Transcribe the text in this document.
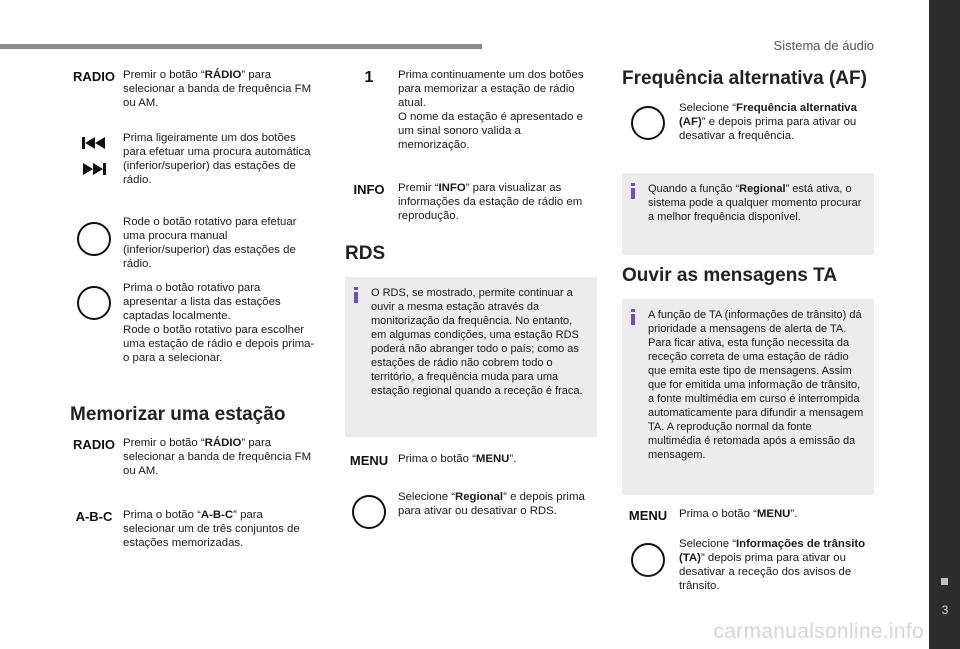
Sistema de áudio
3
carmanualsonline.info
RADIO Premir o botão “RÁDIO” para selecionar a banda de frequência FM ou AM.
Prima ligeiramente um dos botões para efetuar uma procura automática (inferior/superior) das estações de rádio.
Rode o botão rotativo para efetuar uma procura manual (inferior/superior) das estações de rádio.
Prima o botão rotativo para apresentar a lista das estações captadas localmente.
Rode o botão rotativo para escolher uma estação de rádio e depois prima-o para a selecionar.
Memorizar uma estação
RADIO Premir o botão “RÁDIO” para selecionar a banda de frequência FM ou AM.
A-B-C Prima o botão “A-B-C” para selecionar um de três conjuntos de estações memorizadas.
1	Prima continuamente um dos botões para memorizar a estação de rádio atual.
O nome da estação é apresentado e um sinal sonoro valida a memorização.
INFO	Premir “INFO” para visualizar as informações da estação de rádio em reprodução.
RDS
O RDS, se mostrado, permite continuar a ouvir a mesma estação através da monitorização da frequência. No entanto, em algumas condições, uma estação RDS poderá não abranger todo o país; como as estações de rádio não cobrem todo o território, a frequência muda para uma estação regional quando a receção é fraca.
MENU Prima o botão “MENU”.
Selecione “Regional” e depois prima para ativar ou desativar o RDS.
Frequência alternativa (AF)
Selecione “Frequência alternativa (AF)” e depois prima para ativar ou desativar a frequência.
Quando a função “Regional” está ativa, o sistema pode a qualquer momento procurar a melhor frequência disponível.
Ouvir as mensagens TA
A função de TA (informações de trânsito) dá prioridade a mensagens de alerta de TA. Para ficar ativa, esta função necessita da receção correta de uma estação de rádio que emita este tipo de mensagens. Assim que for emitida uma informação de trânsito, a fonte multimédia em curso é interrompida automaticamente para difundir a mensagem TA. A reprodução normal da fonte multimédia é retomada após a emissão da mensagem.
MENU	Prima o botão “MENU”.
Selecione “Informações de trânsito (TA)” depois prima para ativar ou desativar a receção dos avisos de trânsito.
